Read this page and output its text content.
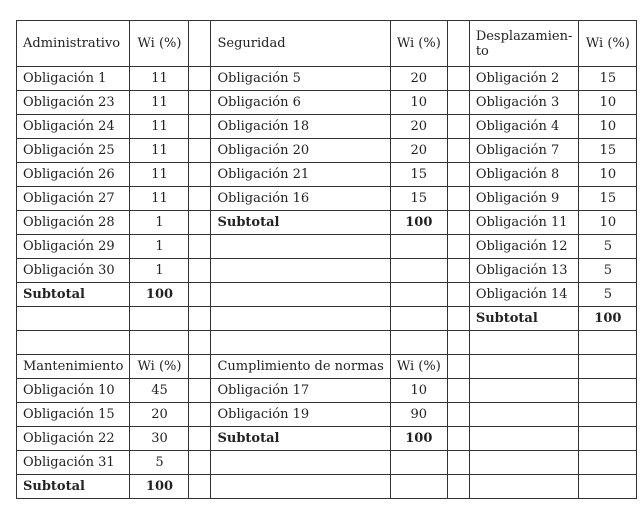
Administrativo	Wi (%)		Seguridad	Wi (%)		Desplazamien-to	Wi (%)
Obligación 1	11		Obligación 5	20		Obligación 2	15
Obligación 23	11		Obligación 6	10		Obligación 3	10
Obligación 24	11		Obligación 18	20		Obligación 4	10
Obligación 25	11		Obligación 20	20		Obligación 7	15
Obligación 26	11		Obligación 21	15		Obligación 8	10
Obligación 27	11		Obligación 16	15		Obligación 9	15
Obligación 28	1		Subtotal	100		Obligación 11	10
Obligación 29	1					Obligación 12	5
Obligación 30	1					Obligación 13	5
Subtotal	100					Obligación 14	5
						Subtotal	100

Mantenimiento	Wi (%)		Cumplimiento de normas	Wi (%)			
Obligación 10	45		Obligación 17	10			
Obligación 15	20		Obligación 19	90			
Obligación 22	30		Subtotal	100			
Obligación 31	5						
Subtotal	100						
